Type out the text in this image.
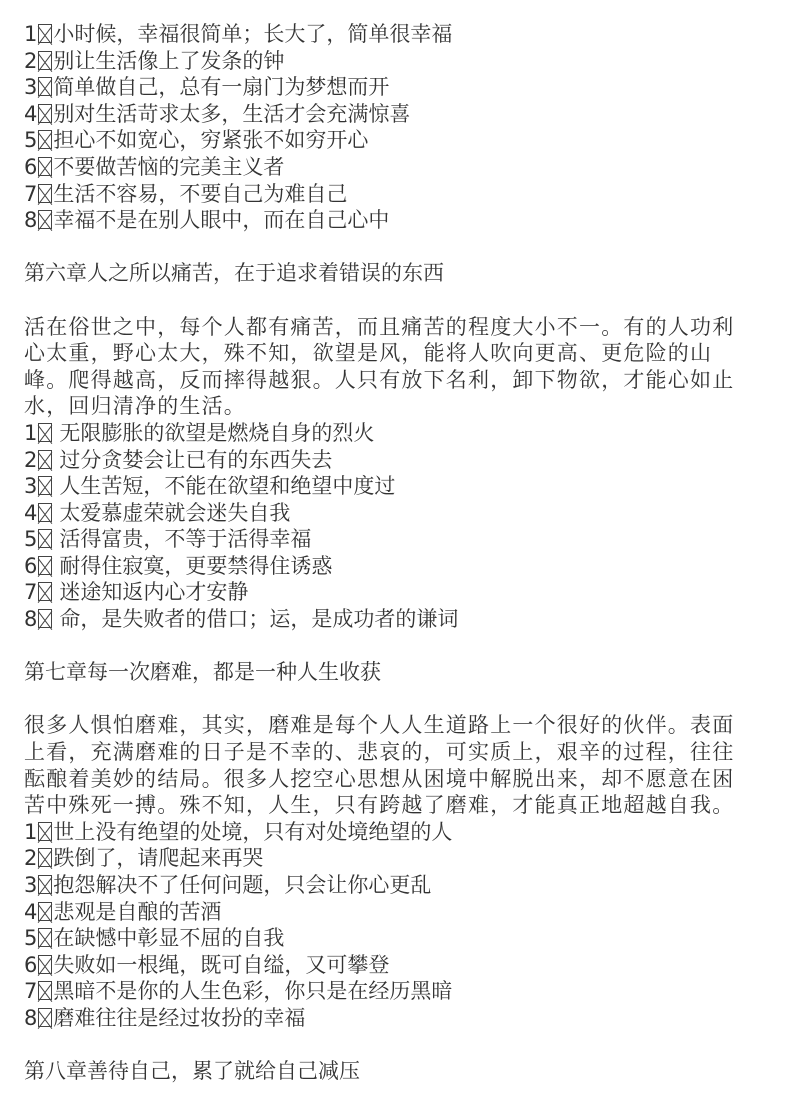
1 小时候，幸福很简单；长大了，简单很幸福
2 别让生活像上了发条的钟
3 简单做自己，总有一扇门为梦想而开
4 别对生活苛求太多，生活才会充满惊喜
5 担心不如宽心，穷紧张不如穷开心
6 不要做苦恼的完美主义者
7 生活不容易，不要自己为难自己
8 幸福不是在别人眼中，而在自己心中
第六章人之所以痛苦，在于追求着错误的东西
活在俗世之中，每个人都有痛苦，而且痛苦的程度大小不一。有的人功利
心太重，野心太大，殊不知，欲望是风，能将人吹向更高、更危险的山
峰。爬得越高，反而摔得越狠。人只有放下名利，卸下物欲，才能心如止
水，回归清净的生活。
1 无限膨胀的欲望是燃烧自身的烈火
2 过分贪婪会让已有的东西失去
3 人生苦短，不能在欲望和绝望中度过
4 太爱慕虚荣就会迷失自我
5 活得富贵，不等于活得幸福
6 耐得住寂寞，更要禁得住诱惑
7 迷途知返内心才安静
8 命，是失败者的借口；运，是成功者的谦词
第七章每一次磨难，都是一种人生收获
很多人惧怕磨难，其实，磨难是每个人人生道路上一个很好的伙伴。表面
上看，充满磨难的日子是不幸的、悲哀的，可实质上，艰辛的过程，往往
酝酿着美妙的结局。很多人挖空心思想从困境中解脱出来，却不愿意在困
苦中殊死一搏。殊不知，人生，只有跨越了磨难，才能真正地超越自我。
1 世上没有绝望的处境，只有对处境绝望的人
2 跌倒了，请爬起来再哭
3 抱怨解决不了任何问题，只会让你心更乱
4 悲观是自酿的苦酒
5 在缺憾中彰显不屈的自我
6 失败如一根绳，既可自缢，又可攀登
7 黑暗不是你的人生色彩，你只是在经历黑暗
8 磨难往往是经过妆扮的幸福
第八章善待自己，累了就给自己减压
